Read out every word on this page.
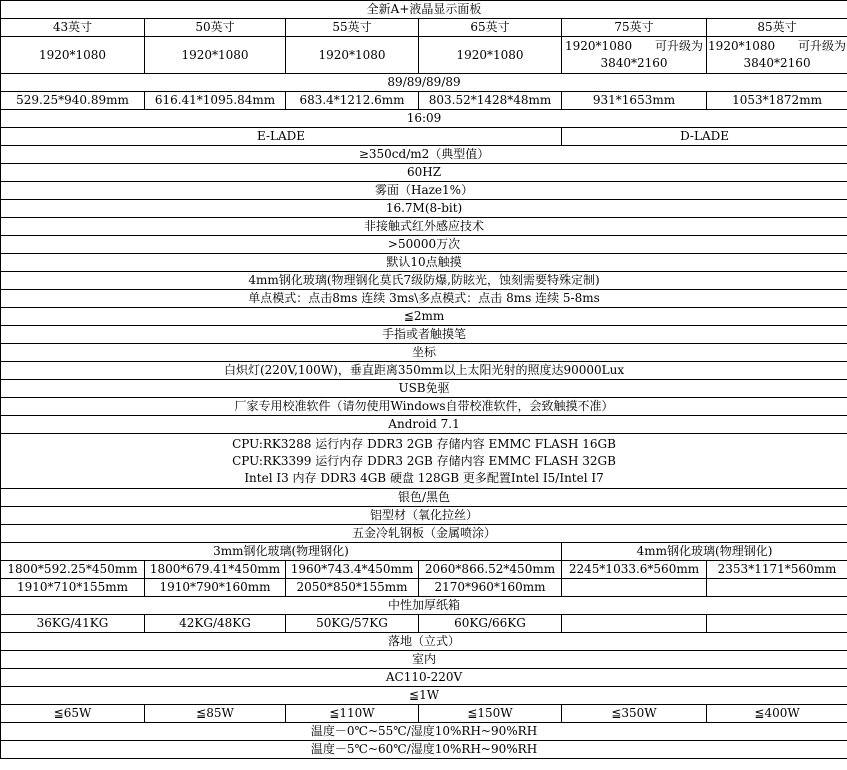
全新A+液晶显示面板					
43英寸	50英寸	55英寸	65英寸	75英寸	85英寸
1920*1080	1920*1080	1920*1080	1920*1080	1920*1080      可升级为3840*2160	1920*1080      可升级为3840*2160
89/89/89/89					
529.25*940.89mm	616.41*1095.84mm	683.4*1212.6mm	803.52*1428*48mm	931*1653mm	1053*1872mm
16:09					
E-LADE				D-LADE	
≥350cd/m2（典型值）					
60HZ					
雾面（Haze1%）					
16.7M(8-bit)					
非接触式红外感应技术					
>50000万次					
默认10点触摸					
4mm钢化玻璃(物理钢化莫氏7级防爆,防眩光，蚀刻需要特殊定制)					
单点模式：点击8ms 连续 3ms\多点模式：点击 8ms 连续 5-8ms					
≦2mm					
手指或者触摸笔					
坐标					
白炽灯(220V,100W)，垂直距离350mm以上太阳光射的照度达90000Lux					
USB免驱					
厂家专用校准软件（请勿使用Windows自带校准软件，会致触摸不准）					
Android 7.1					
CPU:RK3288 运行内存 DDR3 2GB 存储内容 EMMC FLASH 16GB
CPU:RK3399 运行内存 DDR3 2GB 存储内容 EMMC FLASH 32GB
Intel I3 内存 DDR3 4GB 硬盘 128GB 更多配置Intel I5/Intel I7					
银色/黑色					
铝型材（氧化拉丝）					
五金冷轧钢板（金属喷涂）					
3mm钢化玻璃(物理钢化)				4mm钢化玻璃(物理钢化)	
1800*592.25*450mm	1800*679.41*450mm	1960*743.4*450mm	2060*866.52*450mm	2245*1033.6*560mm	2353*1171*560mm
1910*710*155mm	1910*790*160mm	2050*850*155mm	2170*960*160mm		
中性加厚纸箱					
36KG/41KG	42KG/48KG	50KG/57KG	60KG/66KG		
落地（立式）					
室内					
AC110-220V					
≦1W					
≦65W	≦85W	≦110W	≦150W	≦350W	≦400W
温度－0℃~55℃/湿度10%RH~90%RH					
温度－5℃~60℃/湿度10%RH~90%RH					
